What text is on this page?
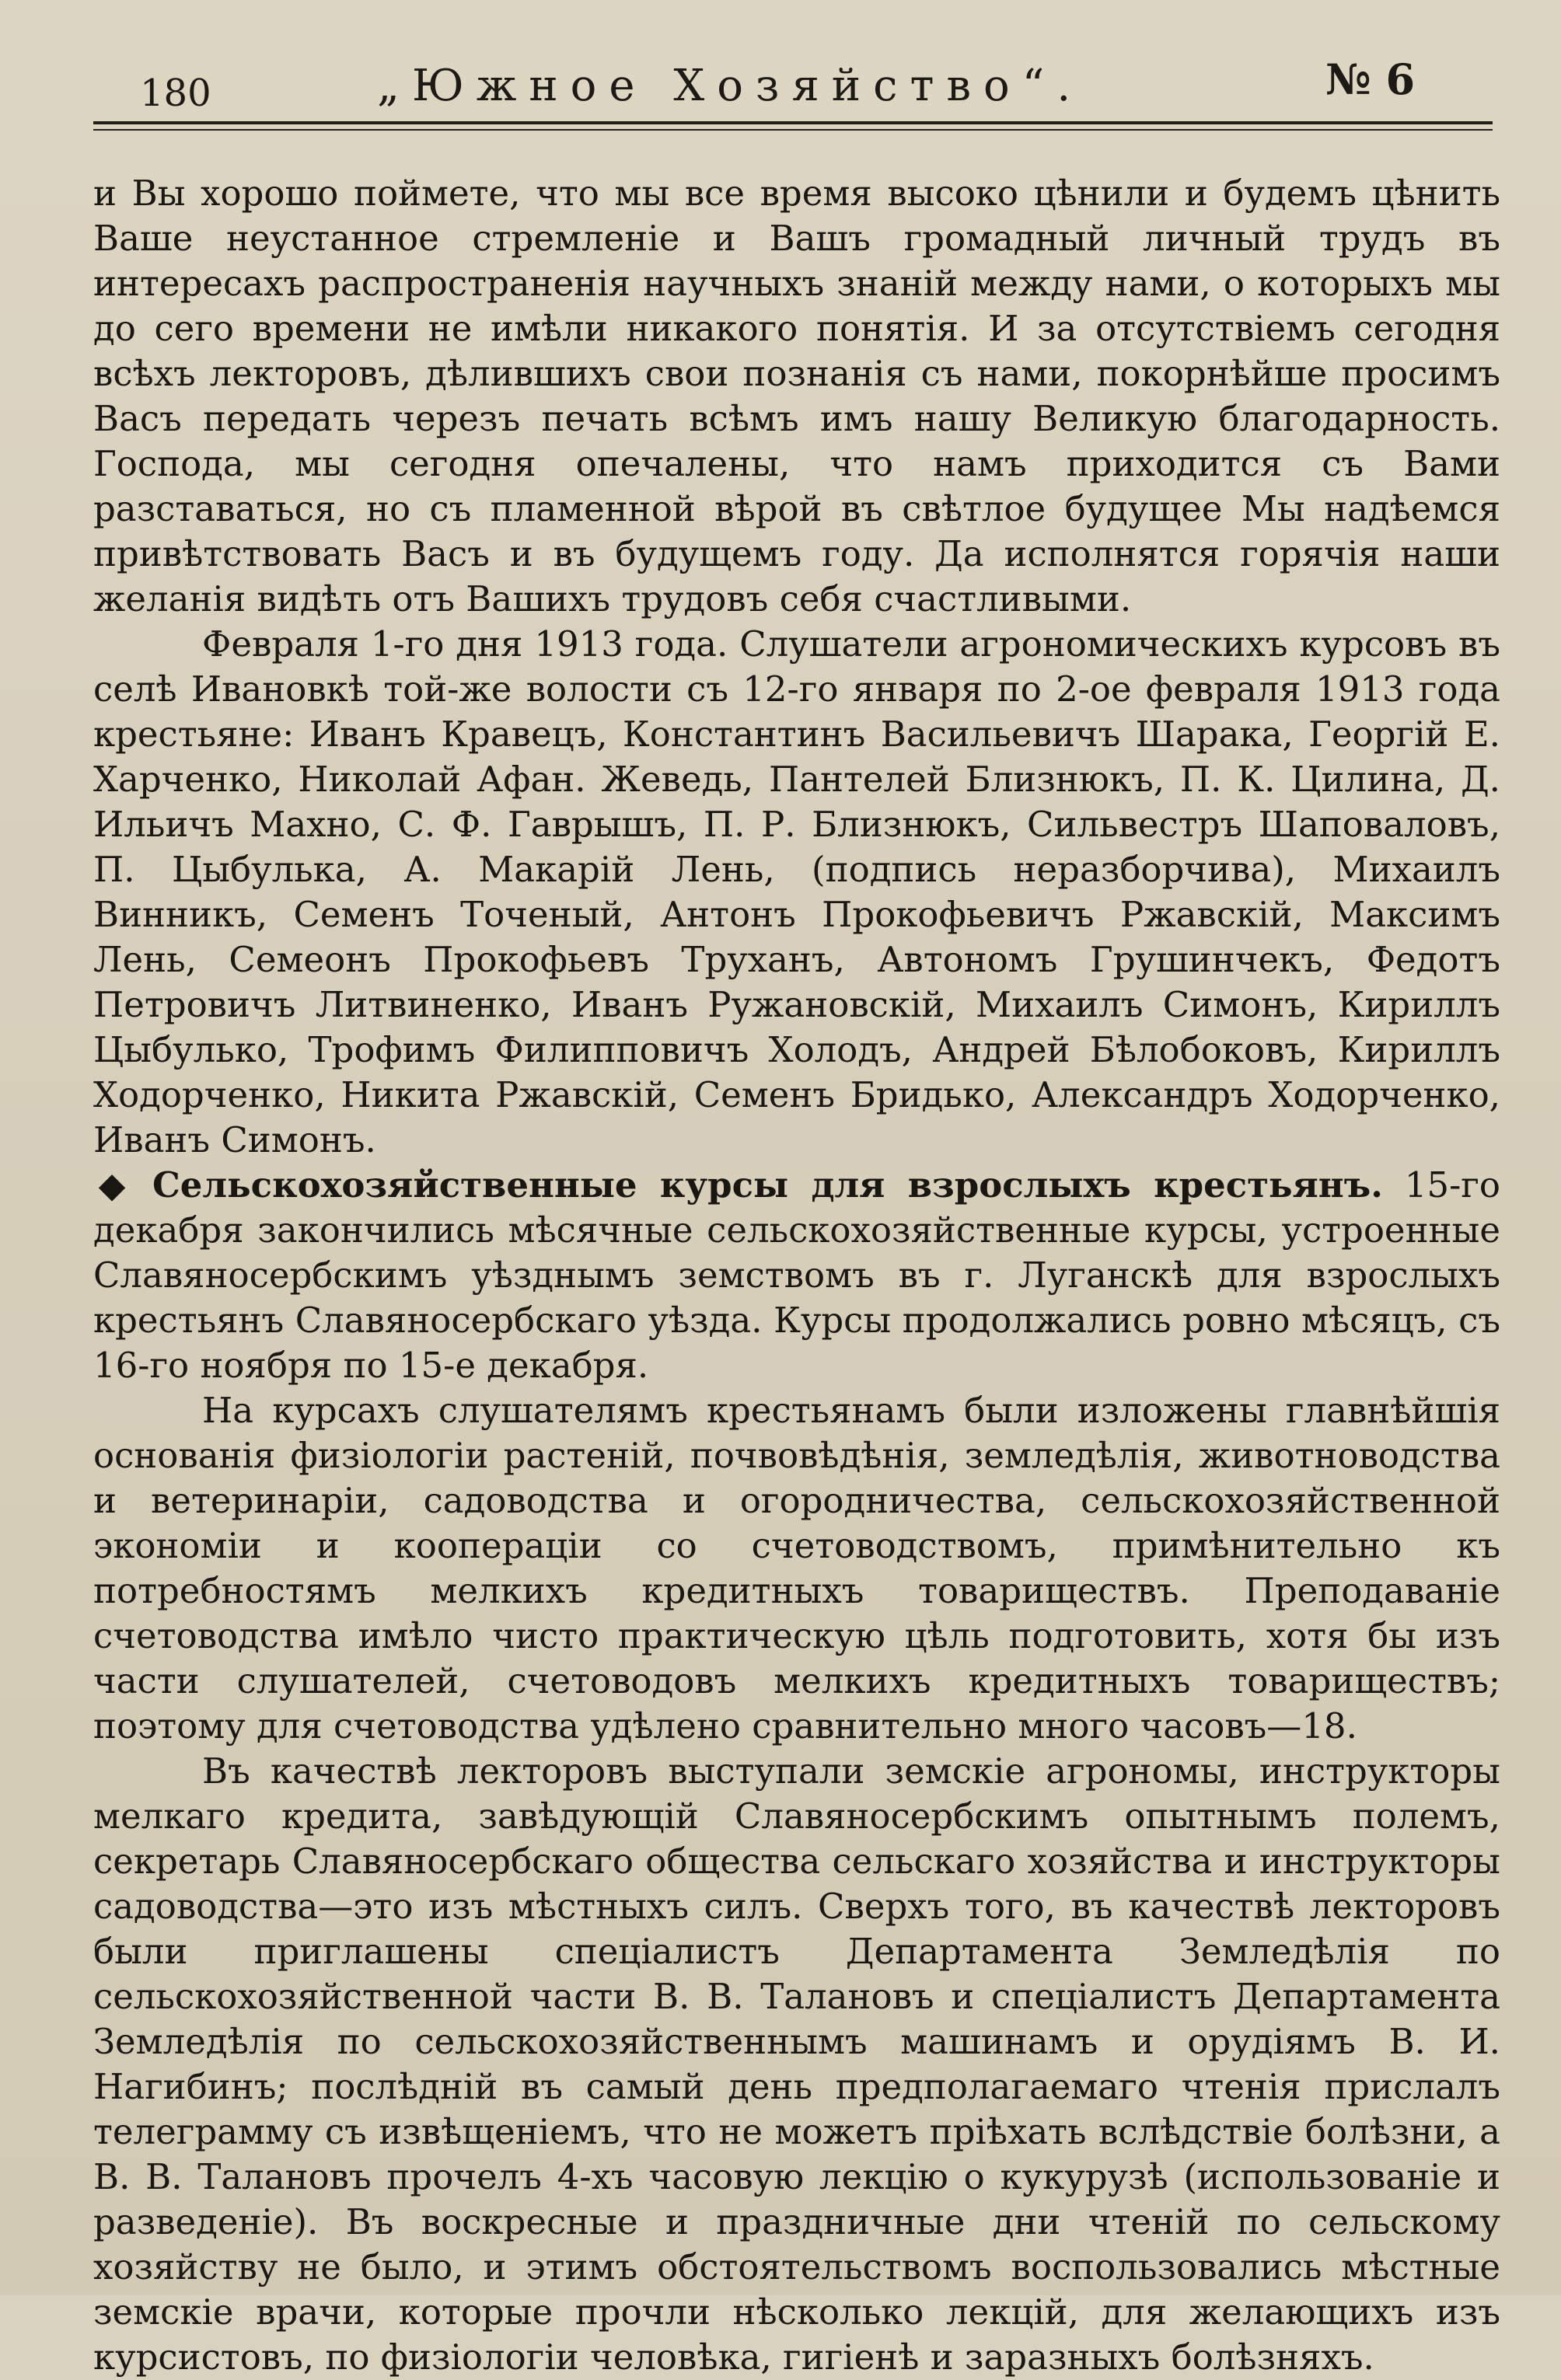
180	„Южное Хозяйство“.	№ 6

и Вы хорошо поймете, что мы все время высоко цѣнили и будемъ цѣнить Ваше неустанное стремленіе и Вашъ громадный личный трудъ въ интересахъ распространенія научныхъ знаній между нами, о которыхъ мы до сего времени не имѣли никакого понятія. И за отсутствіемъ сегодня всѣхъ лекторовъ, дѣлившихъ свои познанія съ нами, покорнѣйше просимъ Васъ передать черезъ печать всѣмъ имъ нашу Великую благодарность. Господа, мы сегодня опечалены, что намъ приходится съ Вами разставаться, но съ пламенной вѣрой въ свѣтлое будущее Мы надѣемся привѣтствовать Васъ и въ будущемъ году. Да исполнятся горячія наши желанія видѣть отъ Вашихъ трудовъ себя счастливыми.

Февраля 1-го дня 1913 года. Слушатели агрономическихъ курсовъ въ селѣ Ивановкѣ той-же волости съ 12-го января по 2-ое февраля 1913 года крестьяне: Иванъ Кравецъ, Константинъ Васильевичъ Шарака, Георгій Е. Харченко, Николай Афан. Жеведь, Пантелей Близнюкъ, П. К. Цилина, Д. Ильичъ Махно, С. Ф. Гаврышъ, П. Р. Близнюкъ, Сильвестръ Шаповаловъ, П. Цыбулька, А. Макарій Лень, (подпись неразборчива), Михаилъ Винникъ, Семенъ Точеный, Антонъ Прокофьевичъ Ржавскій, Максимъ Лень, Семеонъ Прокофьевъ Труханъ, Автономъ Грушинчекъ, Федотъ Петровичъ Литвиненко, Иванъ Ружановскій, Михаилъ Симонъ, Кириллъ Цыбулько, Трофимъ Филипповичъ Холодъ, Андрей Бѣлобоковъ, Кириллъ Ходорченко, Никита Ржавскій, Семенъ Бридько, Александръ Ходорченко, Иванъ Симонъ.

◆ Сельскохозяйственные курсы для взрослыхъ крестьянъ. 15-го декабря закончились мѣсячные сельскохозяйственные курсы, устроенные Славяносербскимъ уѣзднымъ земствомъ въ г. Луганскѣ для взрослыхъ крестьянъ Славяносербскаго уѣзда. Курсы продолжались ровно мѣсяцъ, съ 16-го ноября по 15-е декабря.

На курсахъ слушателямъ крестьянамъ были изложены главнѣйшія основанія физіологіи растеній, почвовѣдѣнія, земледѣлія, животноводства и ветеринаріи, садоводства и огородничества, сельскохозяйственной экономіи и коопераціи со счетоводствомъ, примѣнительно къ потребностямъ мелкихъ кредитныхъ товариществъ. Преподаваніе счетоводства имѣло чисто практическую цѣль подготовить, хотя бы изъ части слушателей, счетоводовъ мелкихъ кредитныхъ товариществъ; поэтому для счетоводства удѣлено сравнительно много часовъ—18.

Въ качествѣ лекторовъ выступали земскіе агрономы, инструкторы мелкаго кредита, завѣдующій Славяносербскимъ опытнымъ полемъ, секретарь Славяносербскаго общества сельскаго хозяйства и инструкторы садоводства—это изъ мѣстныхъ силъ. Сверхъ того, въ качествѣ лекторовъ были приглашены спеціалистъ Департамента Земледѣлія по сельскохозяйственной части В. В. Талановъ и спеціалистъ Департамента Земледѣлія по сельскохозяйственнымъ машинамъ и орудіямъ В. И. Нагибинъ; послѣдній въ самый день предполагаемаго чтенія прислалъ телеграмму съ извѣщеніемъ, что не можетъ пріѣхать вслѣдствіе болѣзни, а В. В. Талановъ прочелъ 4-хъ часовую лекцію о кукурузѣ (использованіе и разведеніе). Въ воскресные и праздничные дни чтеній по сельскому хозяйству не было, и этимъ обстоятельствомъ воспользовались мѣстные земскіе врачи, которые прочли нѣсколько лекцій, для желающихъ изъ курсистовъ, по физіологіи человѣка, гигіенѣ и заразныхъ болѣзняхъ.
